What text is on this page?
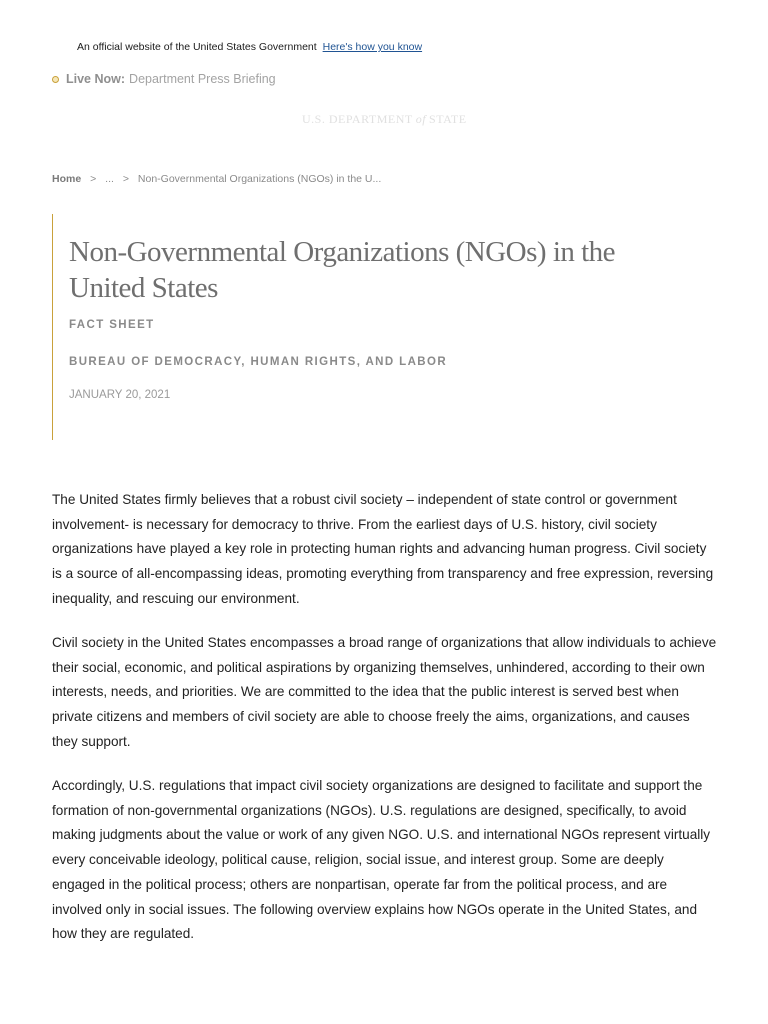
An official website of the United States Government Here's how you know
Live Now: Department Press Briefing
U.S. DEPARTMENT of STATE
Home > ... > Non-Governmental Organizations (NGOs) in the U...
Non-Governmental Organizations (NGOs) in the United States
FACT SHEET
BUREAU OF DEMOCRACY, HUMAN RIGHTS, AND LABOR
JANUARY 20, 2021

The United States firmly believes that a robust civil society – independent of state control or government involvement- is necessary for democracy to thrive. From the earliest days of U.S. history, civil society organizations have played a key role in protecting human rights and advancing human progress. Civil society is a source of all-encompassing ideas, promoting everything from transparency and free expression, reversing inequality, and rescuing our environment.

Civil society in the United States encompasses a broad range of organizations that allow individuals to achieve their social, economic, and political aspirations by organizing themselves, unhindered, according to their own interests, needs, and priorities. We are committed to the idea that the public interest is served best when private citizens and members of civil society are able to choose freely the aims, organizations, and causes they support.

Accordingly, U.S. regulations that impact civil society organizations are designed to facilitate and support the formation of non-governmental organizations (NGOs). U.S. regulations are designed, specifically, to avoid making judgments about the value or work of any given NGO. U.S. and international NGOs represent virtually every conceivable ideology, political cause, religion, social issue, and interest group. Some are deeply engaged in the political process; others are nonpartisan, operate far from the political process, and are involved only in social issues. The following overview explains how NGOs operate in the United States, and how they are regulated.
